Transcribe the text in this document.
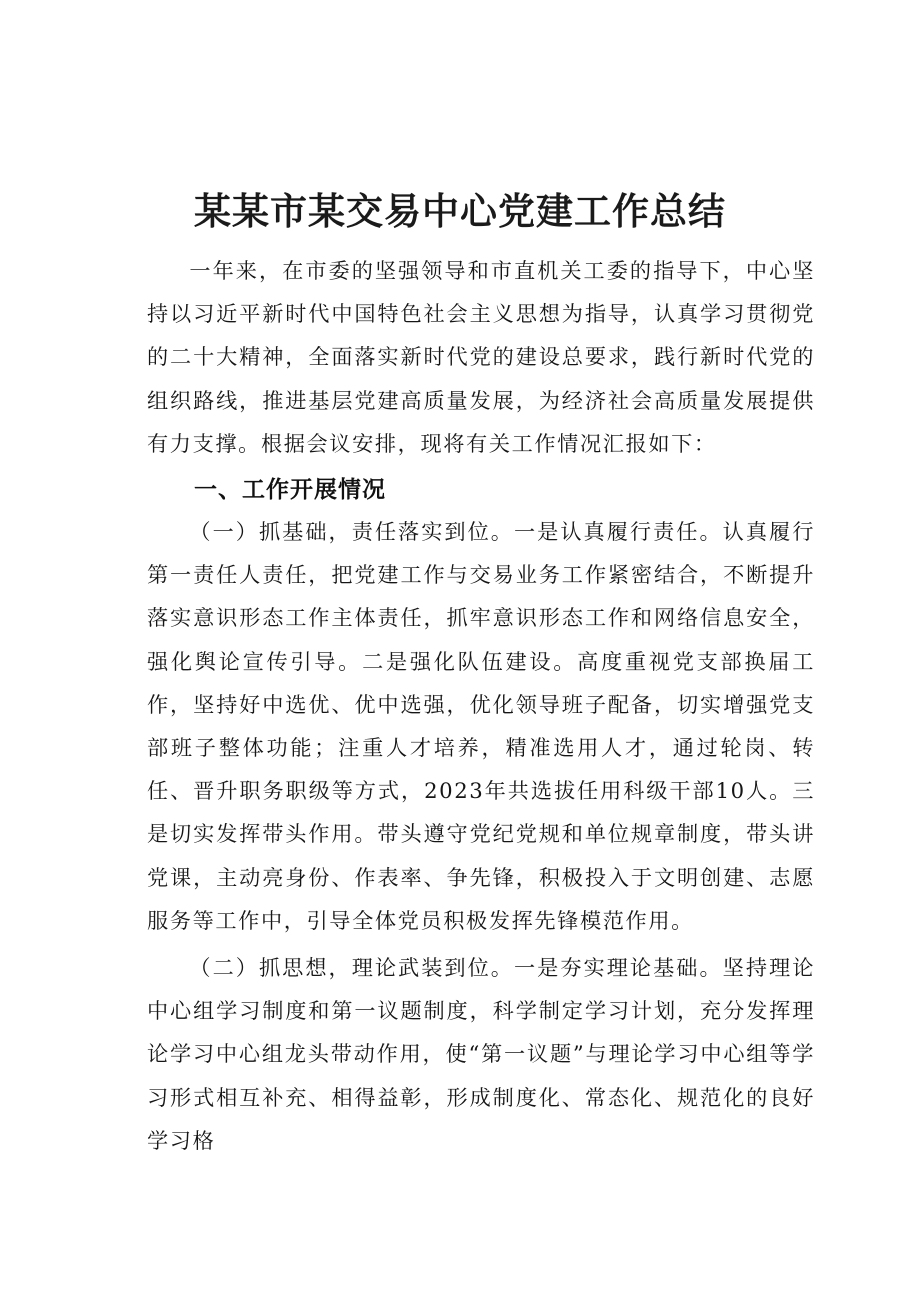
某某市某交易中心党建工作总结

一年来，在市委的坚强领导和市直机关工委的指导下，中心坚持以习近平新时代中国特色社会主义思想为指导，认真学习贯彻党的二十大精神，全面落实新时代党的建设总要求，践行新时代党的组织路线，推进基层党建高质量发展，为经济社会高质量发展提供有力支撑。根据会议安排，现将有关工作情况汇报如下：

一、工作开展情况

（一）抓基础，责任落实到位。一是认真履行责任。认真履行第一责任人责任，把党建工作与交易业务工作紧密结合，不断提升落实意识形态工作主体责任，抓牢意识形态工作和网络信息安全，强化舆论宣传引导。二是强化队伍建设。高度重视党支部换届工作，坚持好中选优、优中选强，优化领导班子配备，切实增强党支部班子整体功能；注重人才培养，精准选用人才，通过轮岗、转任、晋升职务职级等方式，2023年共选拔任用科级干部10人。三是切实发挥带头作用。带头遵守党纪党规和单位规章制度，带头讲党课，主动亮身份、作表率、争先锋，积极投入于文明创建、志愿服务等工作中，引导全体党员积极发挥先锋模范作用。

（二）抓思想，理论武装到位。一是夯实理论基础。坚持理论中心组学习制度和第一议题制度，科学制定学习计划，充分发挥理论学习中心组龙头带动作用，使“第一议题”与理论学习中心组等学习形式相互补充、相得益彰，形成制度化、常态化、规范化的良好学习格
